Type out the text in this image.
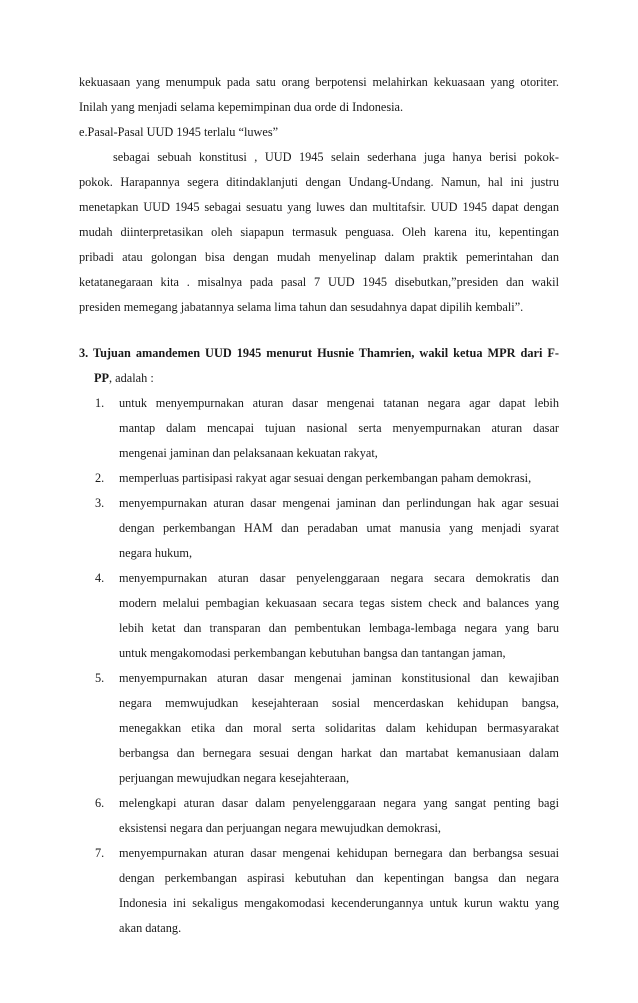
kekuasaan yang menumpuk pada satu orang berpotensi melahirkan kekuasaan yang otoriter.
Inilah yang menjadi selama kepemimpinan dua orde di Indonesia.
e.Pasal-Pasal UUD 1945 terlalu “luwes”
sebagai sebuah konstitusi , UUD 1945 selain sederhana juga hanya berisi pokok-
pokok. Harapannya segera ditindaklanjuti dengan Undang-Undang. Namun, hal ini justru
menetapkan UUD 1945 sebagai sesuatu yang luwes dan multitafsir. UUD 1945 dapat dengan
mudah diinterpretasikan oleh siapapun termasuk penguasa. Oleh karena itu, kepentingan
pribadi atau golongan bisa dengan mudah menyelinap dalam praktik pemerintahan dan
ketatanegaraan kita . misalnya pada pasal 7 UUD 1945 disebutkan,”presiden dan wakil
presiden memegang jabatannya selama lima tahun dan sesudahnya dapat dipilih kembali”.
3. Tujuan amandemen UUD 1945 menurut Husnie Thamrien, wakil ketua MPR dari F-
PP, adalah :
1.	untuk menyempurnakan aturan dasar mengenai tatanan negara agar dapat lebih
mantap dalam mencapai tujuan nasional serta menyempurnakan aturan dasar
mengenai jaminan dan pelaksanaan kekuatan rakyat,
2.	memperluas partisipasi rakyat agar sesuai dengan perkembangan paham demokrasi,
3.	menyempurnakan aturan dasar mengenai jaminan dan perlindungan hak agar sesuai
dengan perkembangan HAM dan peradaban umat manusia yang menjadi syarat
negara hukum,
4.	menyempurnakan aturan dasar penyelenggaraan negara secara demokratis dan
modern melalui pembagian kekuasaan secara tegas sistem check and balances yang
lebih ketat dan transparan dan pembentukan lembaga-lembaga negara yang baru
untuk mengakomodasi perkembangan kebutuhan bangsa dan tantangan jaman,
5.	menyempurnakan aturan dasar mengenai jaminan konstitusional dan kewajiban
negara memwujudkan kesejahteraan sosial mencerdaskan kehidupan bangsa,
menegakkan etika dan moral serta solidaritas dalam kehidupan bermasyarakat
berbangsa dan bernegara sesuai dengan harkat dan martabat kemanusiaan dalam
perjuangan mewujudkan negara kesejahteraan,
6.	melengkapi aturan dasar dalam penyelenggaraan negara yang sangat penting bagi
eksistensi negara dan perjuangan negara mewujudkan demokrasi,
7.	menyempurnakan aturan dasar mengenai kehidupan bernegara dan berbangsa sesuai
dengan perkembangan aspirasi kebutuhan dan kepentingan bangsa dan negara
Indonesia ini sekaligus mengakomodasi kecenderungannya untuk kurun waktu yang
akan datang.
